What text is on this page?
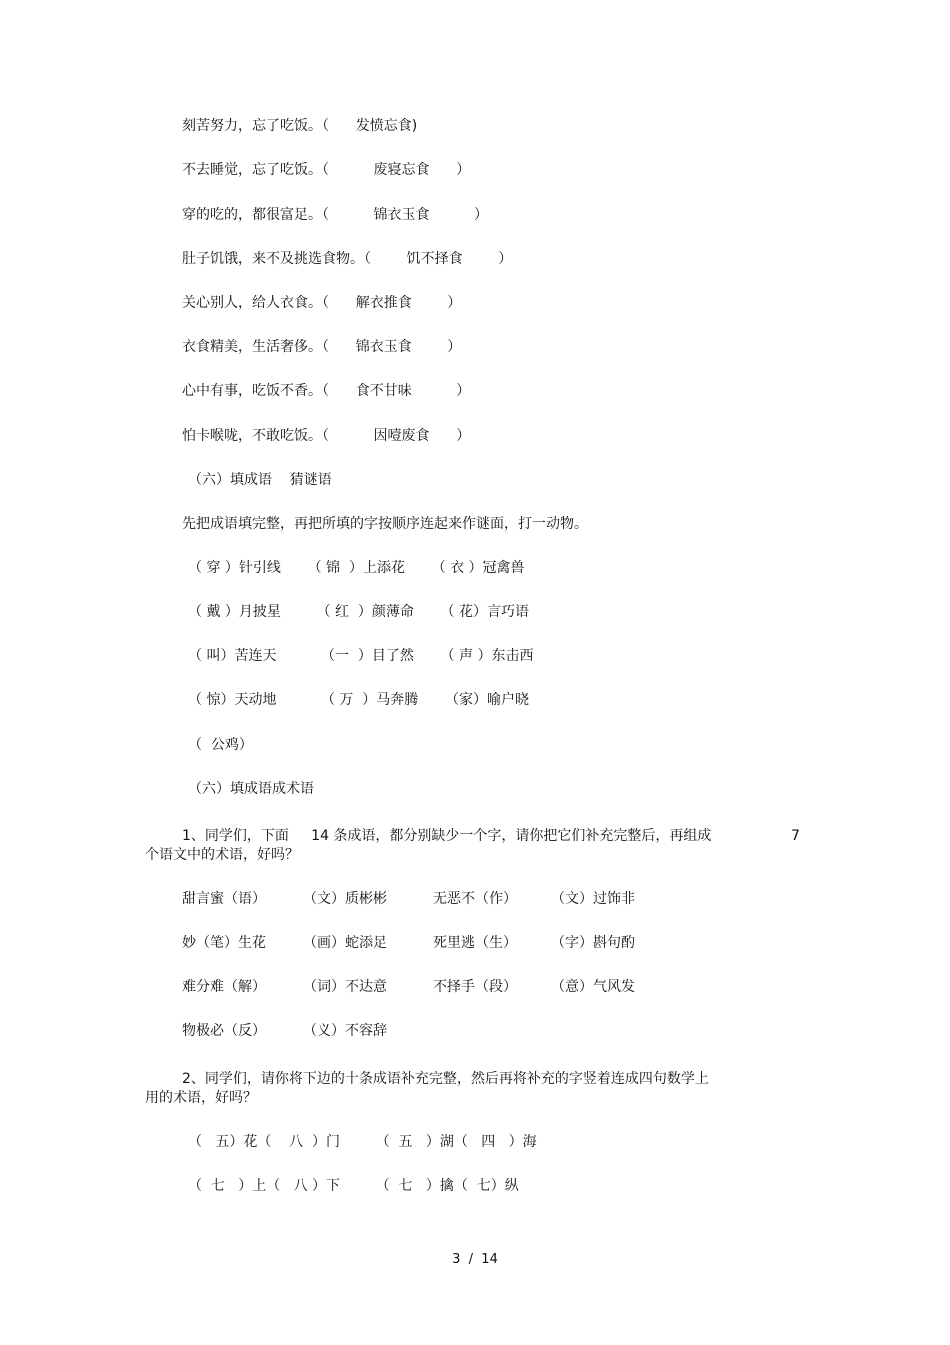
刻苦努力，忘了吃饭。（      发愤忘食)
不去睡觉，忘了吃饭。（          废寝忘食      ）
穿的吃的，都很富足。（          锦衣玉食          ）
肚子饥饿，来不及挑选食物。（        饥不择食        ）
关心别人，给人衣食。（      解衣推食        ）
衣食精美，生活奢侈。（      锦衣玉食        ）
心中有事，吃饭不香。（      食不甘味          ）
怕卡喉咙，不敢吃饭。（          因噎废食      ）
（六）填成语    猜谜语
先把成语填完整，再把所填的字按顺序连起来作谜面，打一动物。
（ 穿 ）针引线      （ 锦  ）上添花      （ 衣 ）冠禽兽
（ 戴 ）月披星        （ 红  ）颜薄命      （ 花）言巧语
（ 叫）苦连天          （一  ）目了然      （ 声 ）东击西
（ 惊）天动地          （ 万  ）马奔腾      （家）喻户晓
（  公鸡）
（六）填成语成术语
1、同学们，下面     14 条成语，都分别缺少一个字，请你把它们补充完整后，再组成	7
个语文中的术语，好吗？
甜言蜜（语）	（文）质彬彬	无恶不（作） （文）过饰非
妙（笔）生花	（画）蛇添足	死里逃（生） （字）斟句酌
难分难（解）	（词）不达意	不择手（段） （意）气风发
物极必（反）	（义）不容辞
2、同学们，请你将下边的十条成语补充完整，然后再将补充的字竖着连成四句数学上
用的术语，好吗？
（   五）花（    八  ）门        （  五   ）湖（   四   ）海
（  七   ）上（   八 ）下        （  七   ）擒（  七）纵
3  /  14
